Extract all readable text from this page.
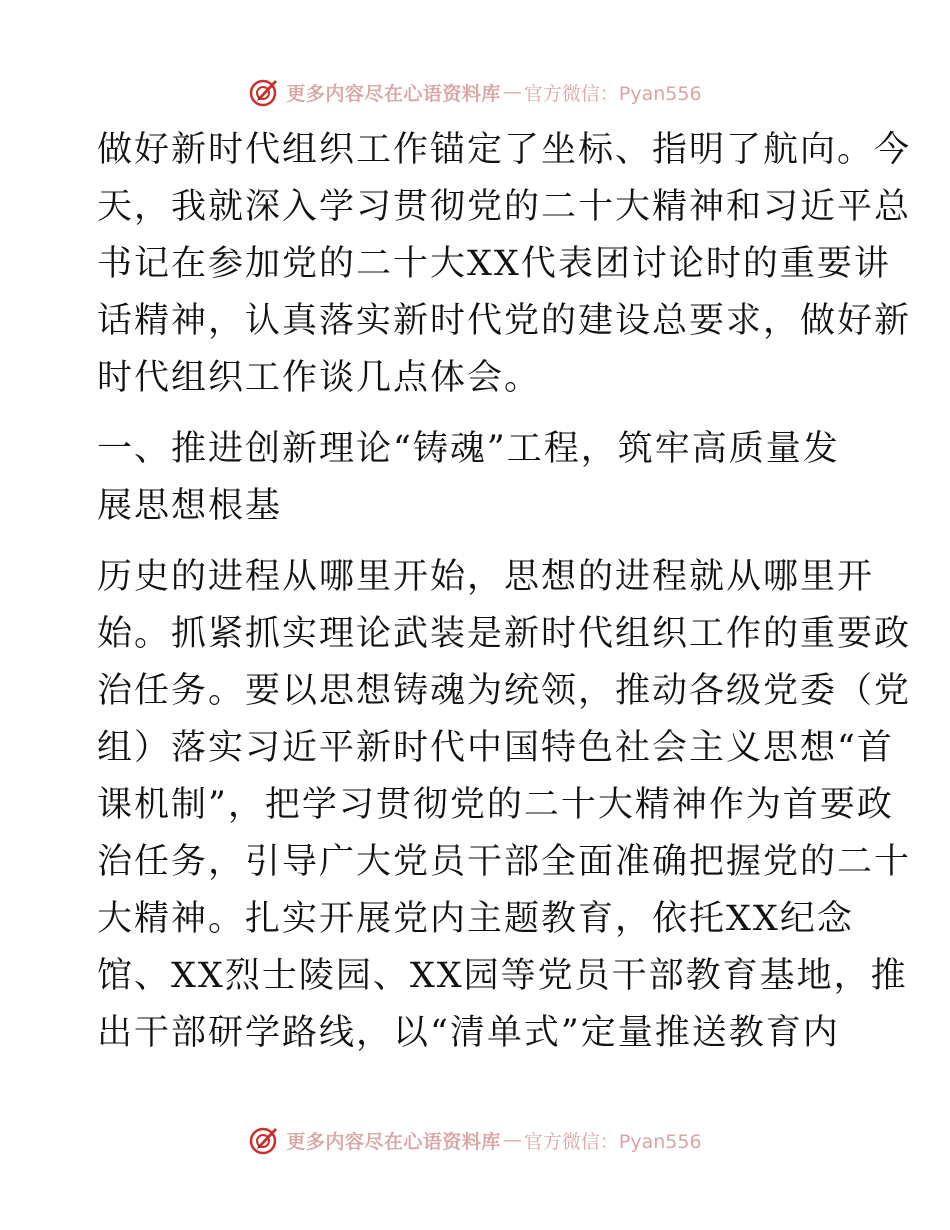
更多内容尽在心语资料库 — 官方微信：Pyan556
做好新时代组织工作锚定了坐标、指明了航向。今
天，我就深入学习贯彻党的二十大精神和习近平总
书记在参加党的二十大XX代表团讨论时的重要讲
话精神，认真落实新时代党的建设总要求，做好新
时代组织工作谈几点体会。
一、推进创新理论“铸魂”工程，筑牢高质量发
展思想根基
历史的进程从哪里开始，思想的进程就从哪里开
始。抓紧抓实理论武装是新时代组织工作的重要政
治任务。要以思想铸魂为统领，推动各级党委（党
组）落实习近平新时代中国特色社会主义思想“首
课机制”，把学习贯彻党的二十大精神作为首要政
治任务，引导广大党员干部全面准确把握党的二十
大精神。扎实开展党内主题教育，依托XX纪念
馆、XX烈士陵园、XX园等党员干部教育基地，推
出干部研学路线，以“清单式”定量推送教育内
更多内容尽在心语资料库 — 官方微信：Pyan556
